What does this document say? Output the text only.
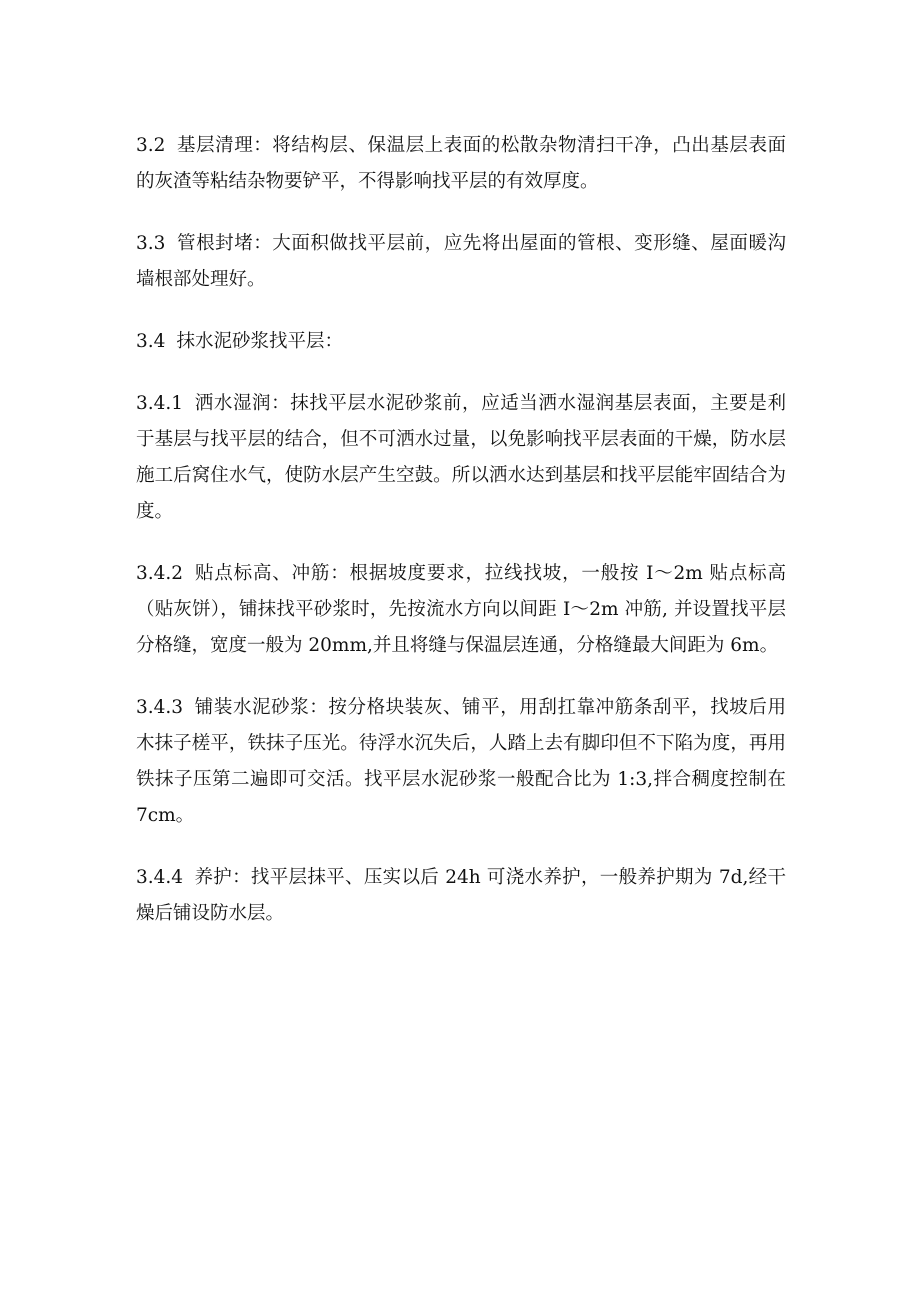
3.2 基层清理：将结构层、保温层上表面的松散杂物清扫干净，凸出基层表面的灰渣等粘结杂物要铲平，不得影响找平层的有效厚度。

3.3 管根封堵：大面积做找平层前，应先将出屋面的管根、变形缝、屋面暖沟墙根部处理好。

3.4 抹水泥砂浆找平层：

3.4.1 洒水湿润：抹找平层水泥砂浆前，应适当洒水湿润基层表面，主要是利于基层与找平层的结合，但不可洒水过量，以免影响找平层表面的干燥，防水层施工后窝住水气，使防水层产生空鼓。所以洒水达到基层和找平层能牢固结合为度。

3.4.2 贴点标高、冲筋：根据坡度要求，拉线找坡，一般按 I～2m 贴点标高（贴灰饼），铺抹找平砂浆时，先按流水方向以间距 I～2m 冲筋, 并设置找平层分格缝，宽度一般为 20mm,并且将缝与保温层连通，分格缝最大间距为 6m。

3.4.3 铺装水泥砂浆：按分格块装灰、铺平，用刮扛靠冲筋条刮平，找坡后用木抹子槎平，铁抹子压光。待浮水沉失后，人踏上去有脚印但不下陷为度，再用铁抹子压第二遍即可交活。找平层水泥砂浆一般配合比为 1:3,拌合稠度控制在 7cm。

3.4.4 养护：找平层抹平、压实以后 24h 可浇水养护，一般养护期为 7d,经干燥后铺设防水层。
